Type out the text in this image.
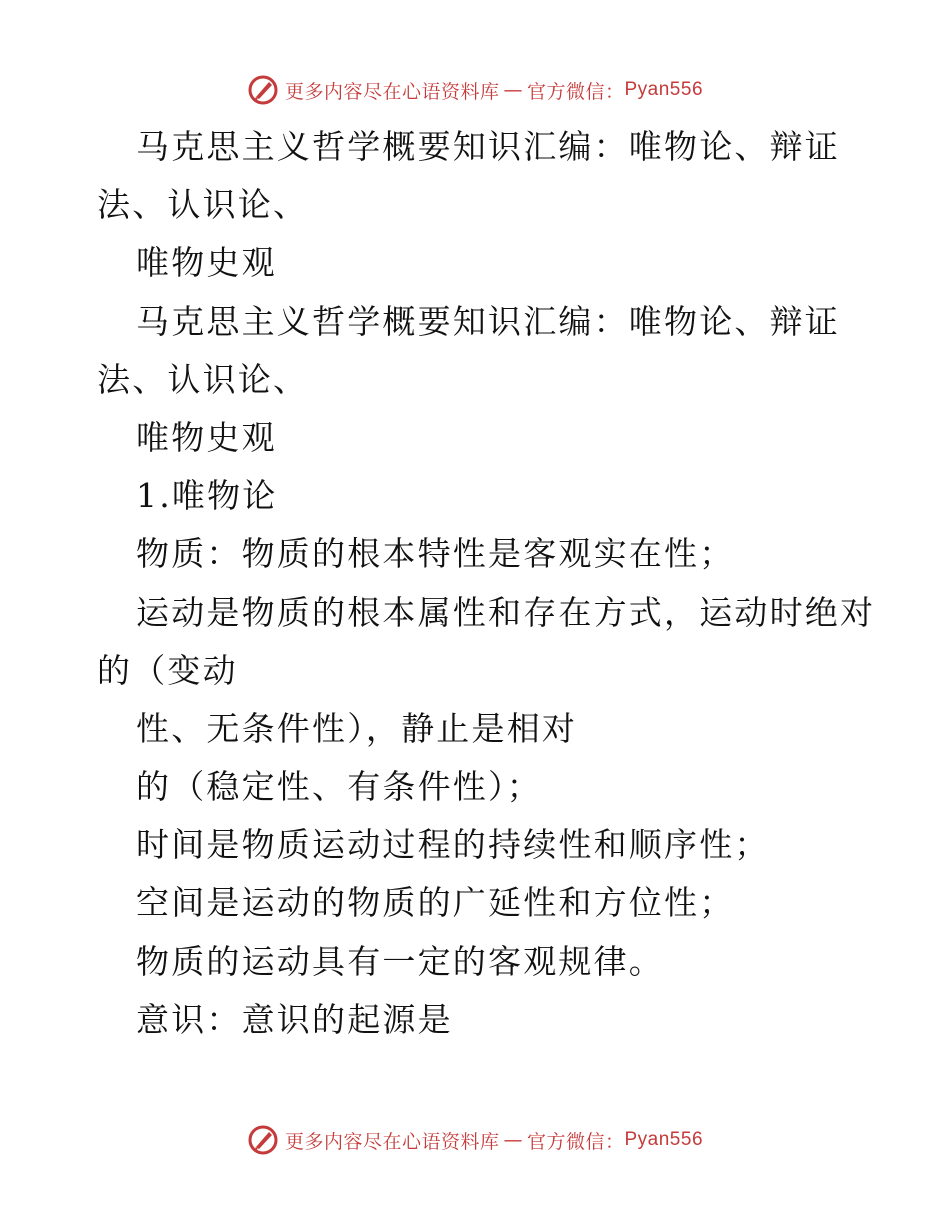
更多内容尽在心语资料库 — 官方微信： Pyan556
马克思主义哲学概要知识汇编：唯物论、辩证
法、认识论、
唯物史观
马克思主义哲学概要知识汇编：唯物论、辩证
法、认识论、
唯物史观
1.唯物论
物质：物质的根本特性是客观实在性；
运动是物质的根本属性和存在方式，运动时绝对
的（变动
性、无条件性），静止是相对
的（稳定性、有条件性）；
时间是物质运动过程的持续性和顺序性；
空间是运动的物质的广延性和方位性；
物质的运动具有一定的客观规律。
意识：意识的起源是
更多内容尽在心语资料库 — 官方微信： Pyan556
